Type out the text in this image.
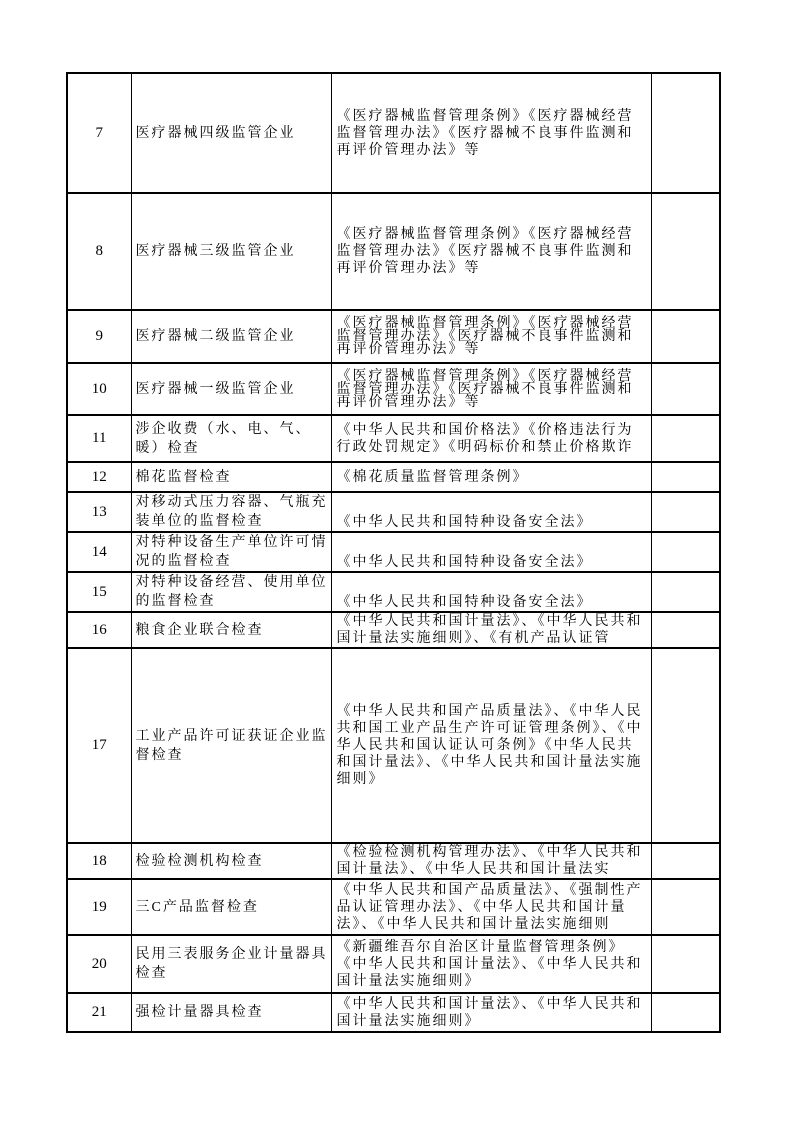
7	医疗器械四级监管企业	《医疗器械监督管理条例》《医疗器械经营监督管理办法》《医疗器械不良事件监测和再评价管理办法》等	
8	医疗器械三级监管企业	《医疗器械监督管理条例》《医疗器械经营监督管理办法》《医疗器械不良事件监测和再评价管理办法》等	
9	医疗器械二级监管企业	《医疗器械监督管理条例》《医疗器械经营监督管理办法》《医疗器械不良事件监测和再评价管理办法》等	
10	医疗器械一级监管企业	《医疗器械监督管理条例》《医疗器械经营监督管理办法》《医疗器械不良事件监测和再评价管理办法》等	
11	涉企收费（水、电、气、暖）检查	《中华人民共和国价格法》《价格违法行为行政处罚规定》《明码标价和禁止价格欺诈	
12	棉花监督检查	《棉花质量监督管理条例》	
13	对移动式压力容器、气瓶充装单位的监督检查	《中华人民共和国特种设备安全法》	
14	对特种设备生产单位许可情况的监督检查	《中华人民共和国特种设备安全法》	
15	对特种设备经营、使用单位的监督检查	《中华人民共和国特种设备安全法》	
16	粮食企业联合检查	《中华人民共和国计量法》、《中华人民共和国计量法实施细则》、《有机产品认证管	
17	工业产品许可证获证企业监督检查	《中华人民共和国产品质量法》、《中华人民共和国工业产品生产许可证管理条例》、《中华人民共和国认证认可条例》《中华人民共和国计量法》、《中华人民共和国计量法实施细则》	
18	检验检测机构检查	《检验检测机构管理办法》、《中华人民共和国计量法》、《中华人民共和国计量法实	
19	三C产品监督检查	《中华人民共和国产品质量法》、《强制性产品认证管理办法》、《中华人民共和国计量法》、《中华人民共和国计量法实施细则	
20	民用三表服务企业计量器具检查	《新疆维吾尔自治区计量监督管理条例》《中华人民共和国计量法》、《中华人民共和国计量法实施细则》	
21	强检计量器具检查	《中华人民共和国计量法》、《中华人民共和国计量法实施细则》	
